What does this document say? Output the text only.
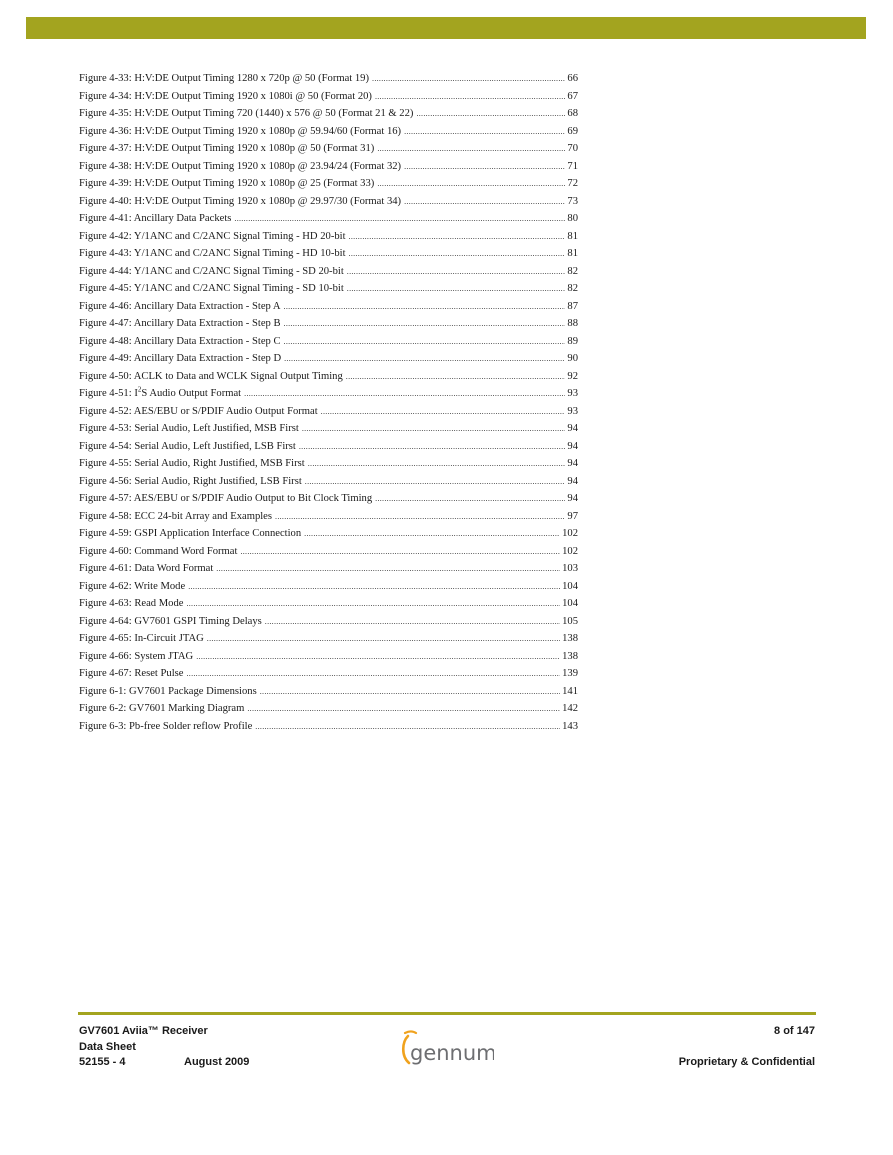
Figure 4-33: H:V:DE Output Timing 1280 x 720p @ 50 (Format 19) .....	66
Figure 4-34: H:V:DE Output Timing 1920 x 1080i @ 50 (Format 20) .....	67
Figure 4-35: H:V:DE Output Timing 720 (1440) x 576 @ 50 (Format 21 & 22) .....	68
Figure 4-36: H:V:DE Output Timing 1920 x 1080p @ 59.94/60 (Format 16) .....	69
Figure 4-37: H:V:DE Output Timing 1920 x 1080p @ 50 (Format 31) .....	70
Figure 4-38: H:V:DE Output Timing 1920 x 1080p @ 23.94/24 (Format 32) .....	71
Figure 4-39: H:V:DE Output Timing 1920 x 1080p @ 25 (Format 33) .....	72
Figure 4-40: H:V:DE Output Timing 1920 x 1080p @ 29.97/30 (Format 34) .....	73
Figure 4-41: Ancillary Data Packets .....	80
Figure 4-42: Y/1ANC and C/2ANC Signal Timing - HD 20-bit .....	81
Figure 4-43: Y/1ANC and C/2ANC Signal Timing - HD 10-bit .....	81
Figure 4-44: Y/1ANC and C/2ANC Signal Timing - SD 20-bit .....	82
Figure 4-45: Y/1ANC and C/2ANC Signal Timing - SD 10-bit .....	82
Figure 4-46: Ancillary Data Extraction - Step A .....	87
Figure 4-47: Ancillary Data Extraction - Step B .....	88
Figure 4-48: Ancillary Data Extraction - Step C .....	89
Figure 4-49: Ancillary Data Extraction - Step D .....	90
Figure 4-50: ACLK to Data and WCLK Signal Output Timing .....	92
Figure 4-51: $I^2S$ Audio Output Format .....	93
Figure 4-52: AES/EBU or S/PDIF Audio Output Format .....	93
Figure 4-53: Serial Audio, Left Justified, MSB First .....	94
Figure 4-54: Serial Audio, Left Justified, LSB First .....	94
Figure 4-55: Serial Audio, Right Justified, MSB First .....	94
Figure 4-56: Serial Audio, Right Justified, LSB First .....	94
Figure 4-57: AES/EBU or S/PDIF Audio Output to Bit Clock Timing .....	94
Figure 4-58: ECC 24-bit Array and Examples .....	97
Figure 4-59: GSPI Application Interface Connection .....	102
Figure 4-60: Command Word Format .....	102
Figure 4-61: Data Word Format .....	103
Figure 4-62: Write Mode .....	104
Figure 4-63: Read Mode .....	104
Figure 4-64: GV7601 GSPI Timing Delays .....	105
Figure 4-65: In-Circuit JTAG .....	138
Figure 4-66: System JTAG .....	138
Figure 4-67: Reset Pulse .....	139
Figure 6-1: GV7601 Package Dimensions .....	141
Figure 6-2: GV7601 Marking Diagram .....	142
Figure 6-3: Pb-free Solder reflow Profile .....	143
GV7601 Aviia™ Receiver
Data Sheet
52155 - 4	August 2009
8 of 147
Proprietary & Confidential
gennum
